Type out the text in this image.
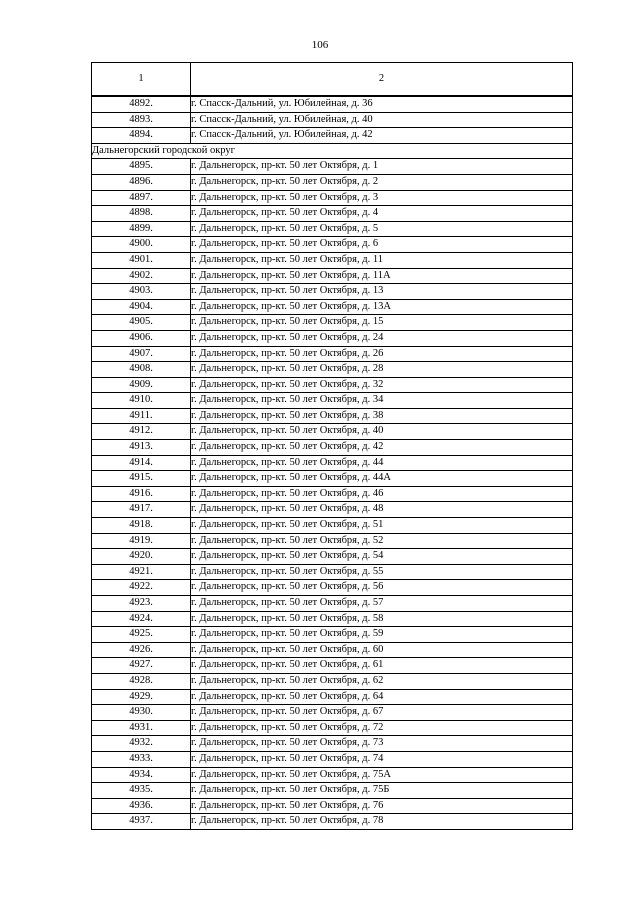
106
1	2
4892.	г. Спасск-Дальний, ул. Юбилейная, д. 36
4893.	г. Спасск-Дальний, ул. Юбилейная, д. 40
4894.	г. Спасск-Дальний, ул. Юбилейная, д. 42
Дальнегорский городской округ	
4895.	г. Дальнегорск, пр-кт. 50 лет Октября, д. 1
4896.	г. Дальнегорск, пр-кт. 50 лет Октября, д. 2
4897.	г. Дальнегорск, пр-кт. 50 лет Октября, д. 3
4898.	г. Дальнегорск, пр-кт. 50 лет Октября, д. 4
4899.	г. Дальнегорск, пр-кт. 50 лет Октября, д. 5
4900.	г. Дальнегорск, пр-кт. 50 лет Октября, д. 6
4901.	г. Дальнегорск, пр-кт. 50 лет Октября, д. 11
4902.	г. Дальнегорск, пр-кт. 50 лет Октября, д. 11А
4903.	г. Дальнегорск, пр-кт. 50 лет Октября, д. 13
4904.	г. Дальнегорск, пр-кт. 50 лет Октября, д. 13А
4905.	г. Дальнегорск, пр-кт. 50 лет Октября, д. 15
4906.	г. Дальнегорск, пр-кт. 50 лет Октября, д. 24
4907.	г. Дальнегорск, пр-кт. 50 лет Октября, д. 26
4908.	г. Дальнегорск, пр-кт. 50 лет Октября, д. 28
4909.	г. Дальнегорск, пр-кт. 50 лет Октября, д. 32
4910.	г. Дальнегорск, пр-кт. 50 лет Октября, д. 34
4911.	г. Дальнегорск, пр-кт. 50 лет Октября, д. 38
4912.	г. Дальнегорск, пр-кт. 50 лет Октября, д. 40
4913.	г. Дальнегорск, пр-кт. 50 лет Октября, д. 42
4914.	г. Дальнегорск, пр-кт. 50 лет Октября, д. 44
4915.	г. Дальнегорск, пр-кт. 50 лет Октября, д. 44А
4916.	г. Дальнегорск, пр-кт. 50 лет Октября, д. 46
4917.	г. Дальнегорск, пр-кт. 50 лет Октября, д. 48
4918.	г. Дальнегорск, пр-кт. 50 лет Октября, д. 51
4919.	г. Дальнегорск, пр-кт. 50 лет Октября, д. 52
4920.	г. Дальнегорск, пр-кт. 50 лет Октября, д. 54
4921.	г. Дальнегорск, пр-кт. 50 лет Октября, д. 55
4922.	г. Дальнегорск, пр-кт. 50 лет Октября, д. 56
4923.	г. Дальнегорск, пр-кт. 50 лет Октября, д. 57
4924.	г. Дальнегорск, пр-кт. 50 лет Октября, д. 58
4925.	г. Дальнегорск, пр-кт. 50 лет Октября, д. 59
4926.	г. Дальнегорск, пр-кт. 50 лет Октября, д. 60
4927.	г. Дальнегорск, пр-кт. 50 лет Октября, д. 61
4928.	г. Дальнегорск, пр-кт. 50 лет Октября, д. 62
4929.	г. Дальнегорск, пр-кт. 50 лет Октября, д. 64
4930.	г. Дальнегорск, пр-кт. 50 лет Октября, д. 67
4931.	г. Дальнегорск, пр-кт. 50 лет Октября, д. 72
4932.	г. Дальнегорск, пр-кт. 50 лет Октября, д. 73
4933.	г. Дальнегорск, пр-кт. 50 лет Октября, д. 74
4934.	г. Дальнегорск, пр-кт. 50 лет Октября, д. 75А
4935.	г. Дальнегорск, пр-кт. 50 лет Октября, д. 75Б
4936.	г. Дальнегорск, пр-кт. 50 лет Октября, д. 76
4937.	г. Дальнегорск, пр-кт. 50 лет Октября, д. 78
